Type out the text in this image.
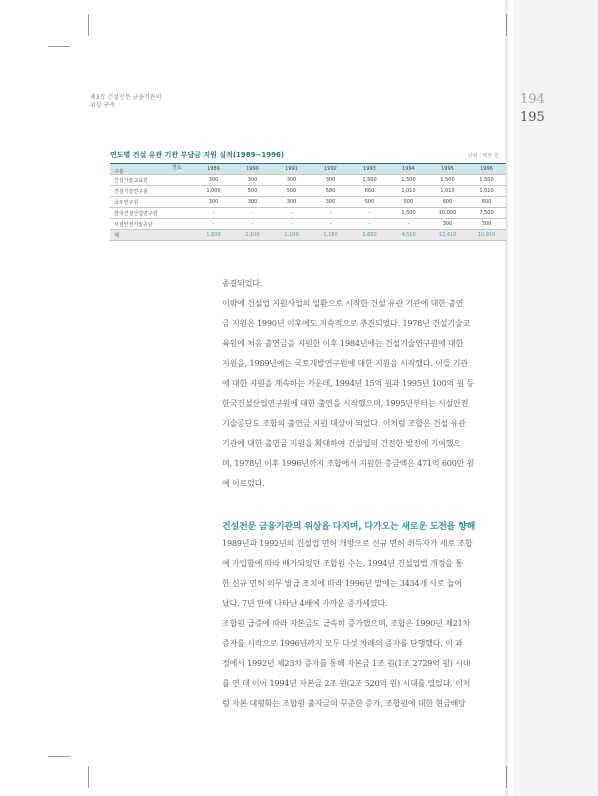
제3장 건설전문 금융기관의
위상 구축	194
195
연도별 건설 유관 기관 부담금 지원 실적(1989~1996)	단위 : 백만 원
연도
구분	1989	1990	1991	1992	1993	1994	1995	1996
건설기술교육원	300	300	300	300	1,500	1,500	1,500	1,500
건설기술연구원	1,000	500	500	580	660	1,010	1,010	1,010
국토연구원	300	300	300	300	500	500	600	600
한국건설산업연구원	-	-	-	-	-	1,500	10,000	7,500
시설안전기술공단	-	-	-	-	-	-	300	300
계	1,600	1,100	1,100	1,180	2,660	4,510	13,410	10,910

종결되었다.

이밖에 건설업 지원사업의 일환으로 시작한 건설 유관 기관에 대한 출연

금 지원은 1990년 이후에도 지속적으로 추진되었다. 1978년 건설기술교

육원에 처음 출연금을 지원한 이후 1984년에는 건설기술연구원에 대한

지원을, 1989년에는 국토개발연구원에 대한 지원을 시작했다. 이들 기관

에 대한 지원을 계속하는 가운데, 1994년 15억 원과 1995년 100억 원 등

한국건설산업연구원에 대한 출연을 시작했으며, 1995년부터는 시설안전

기술공단도 조합의 출연금 지원 대상이 되었다. 이처럼 조합은 건설 유관

기관에 대한 출연금 지원을 확대하여 건설업의 건전한 발전에 기여했으

며, 1978년 이후 1996년까지 조합에서 지원한 총금액은 471억 600만 원

에 이르렀다.

건설전문 금융기관의 위상을 다지며, 다가오는 새로운 도전을 향해

1989년과 1992년의 건설업 면허 개방으로 신규 면허 취득자가 새로 조합

에 가입함에 따라 배가되었던 조합원 수는, 1994년 건설업법 개정을 통

한 신규 면허 의무 발급 조치에 따라 1996년 말에는 3434개 사로 늘어

났다. 7년 만에 나타난 4배에 가까운 증가세였다.

조합원 급증에 따라 자본금도 급속히 증가했으며, 조합은 1990년 제21차

증자를 시작으로 1996년까지 모두 다섯 차례의 증자를 단행했다. 이 과

정에서 1992년 제23차 증자를 통해 자본금 1조 원(1조 2729억 원) 시대

를 연 데 이어 1994년 자본금 2조 원(2조 520억 원) 시대를 열었다. 이처

럼 자본 대형화는 조합원 출자금의 꾸준한 증가, 조합원에 대한 현금배당
